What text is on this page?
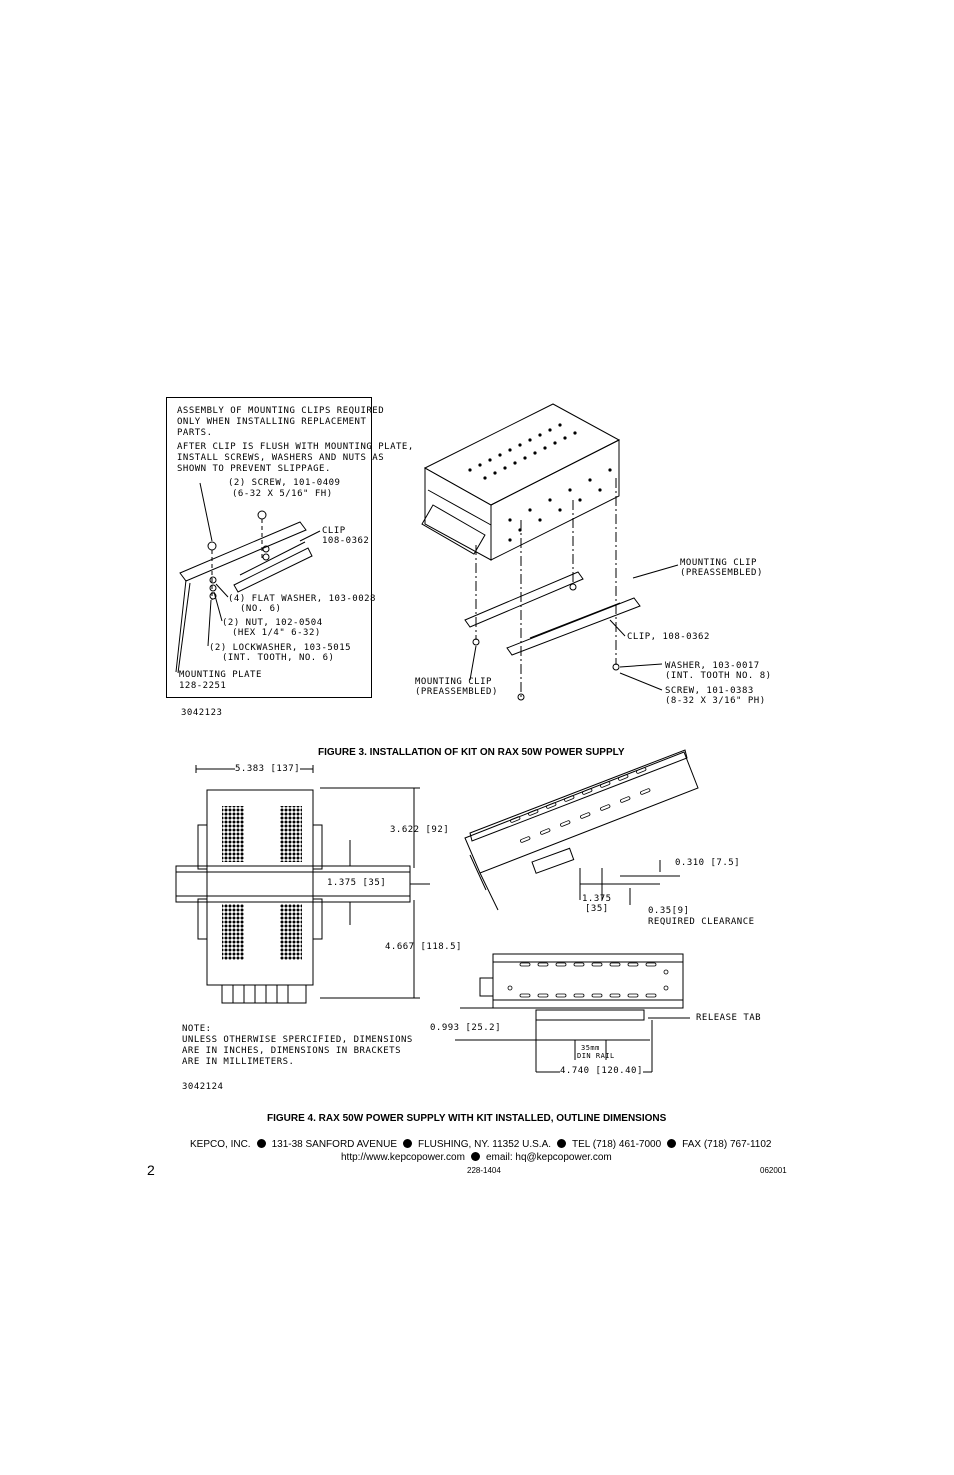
ASSEMBLY OF MOUNTING CLIPS REQUIRED
ONLY WHEN INSTALLING REPLACEMENT
PARTS.
AFTER CLIP IS FLUSH WITH MOUNTING PLATE,
INSTALL SCREWS, WASHERS AND NUTS AS
SHOWN TO PREVENT SLIPPAGE.
(2) SCREW, 101-0409
(6-32 X 5/16" FH)
CLIP
108-0362
(4) FLAT WASHER, 103-0028
(NO. 6)
(2) NUT, 102-0504
(HEX 1/4" 6-32)
(2) LOCKWASHER, 103-5015
(INT. TOOTH, NO. 6)
MOUNTING PLATE
128-2251
3042123
MOUNTING CLIP
(PREASSEMBLED)
MOUNTING CLIP
(PREASSEMBLED)
CLIP, 108-0362
WASHER, 103-0017
(INT. TOOTH NO. 8)
SCREW, 101-0383
(8-32 X 3/16" PH)
FIGURE 3. INSTALLATION OF KIT ON RAX 50W POWER SUPPLY
5.383 [137]
3.622 [92]
1.375 [35]
4.667 [118.5]
0.310 [7.5]
1.375
[35]	0.35[9]
REQUIRED CLEARANCE
RELEASE TAB
0.993 [25.2]
35mm
DIN RAIL
4.740 [120.40]
NOTE:
UNLESS OTHERWISE SPERCIFIED, DIMENSIONS
ARE IN INCHES, DIMENSIONS IN BRACKETS
ARE IN MILLIMETERS.
3042124
FIGURE 4. RAX 50W POWER SUPPLY WITH KIT INSTALLED, OUTLINE DIMENSIONS
KEPCO, INC. 131-38 SANFORD AVENUE FLUSHING, NY. 11352 U.S.A. TEL (718) 461-7000 FAX (718) 767-1102
http://www.kepcopower.com email: hq@kepcopower.com
2	228-1404	062001
